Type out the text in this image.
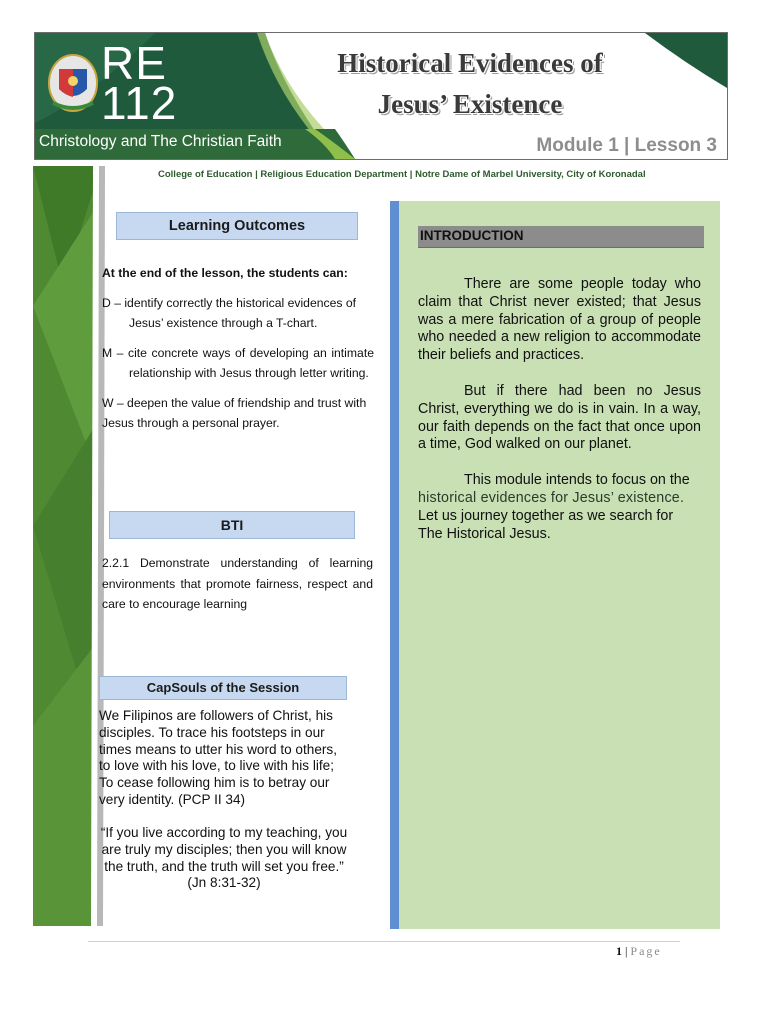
RE
112
Christology and The Christian Faith
Historical Evidences of
Jesus’ Existence
Module 1 | Lesson 3
College of Education | Religious Education Department | Notre Dame of Marbel University, City of Koronadal
Learning Outcomes

At the end of the lesson, the students can:

D – identify correctly the historical evidences of Jesus’ existence through a T-chart.

M – cite concrete ways of developing an intimate relationship with Jesus through letter writing.

W – deepen the value of friendship and trust with Jesus through a personal prayer.

BTI
2.2.1 Demonstrate understanding of learning environments that promote fairness, respect and care to encourage learning
CapSouls of the Session
We Filipinos are followers of Christ, his disciples. To trace his footsteps in our times means to utter his word to others, to love with his love, to live with his life; To cease following him is to betray our very identity. (PCP II 34)
“If you live according to my teaching, you are truly my disciples; then you will know the truth, and the truth will set you free.” (Jn 8:31-32)
INTRODUCTION

There are some people today who claim that Christ never existed; that Jesus was a mere fabrication of a group of people who needed a new religion to accommodate their beliefs and practices.

But if there had been no Jesus Christ, everything we do is in vain. In a way, our faith depends on the fact that once upon a time, God walked on our planet.

This module intends to focus on the historical evidences for Jesus’ existence. Let us journey together as we search for The Historical Jesus.

1 | Page
